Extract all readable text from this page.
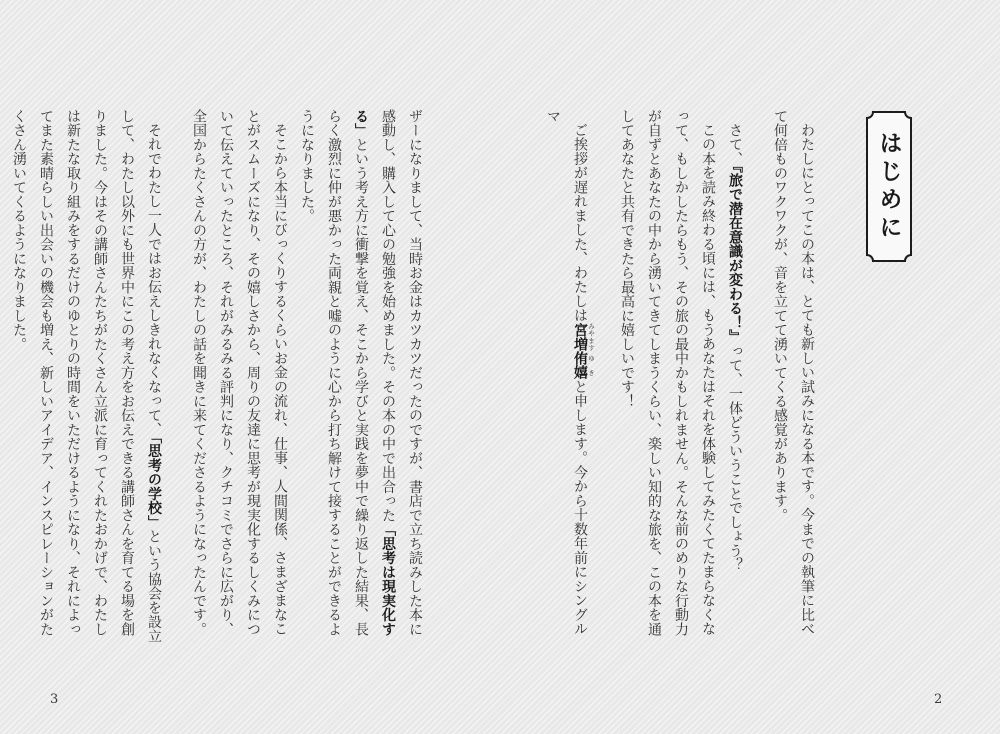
はじめに

わたしにとってこの本は、とても新しい試みになる本です。今までの執筆に比べて何倍ものワクワクが、音を立てて湧いてくる感覚があります。

さて、『旅で潜在意識が変わる！』って、一体どういうことでしょう？

この本を読み終わる頃には、もうあなたはそれを体験してみたくてたまらなくなって、もしかしたらもう、その旅の最中かもしれません。そんな前のめりな行動力が自ずとあなたの中から湧いてきてしまうくらい、楽しい知的な旅を、この本を通してあなたと共有できたら最高に嬉しいです！

ご挨拶が遅れました、わたしは宮増 みやます侑嬉 ゆきと申します。今から十数年前にシングルマ

2

ザーになりまして、当時お金はカツカツだったのですが、書店で立ち読みした本に感動し、購入して心の勉強を始めました。その本の中で出合った「思考は現実化する」という考え方に衝撃を覚え、そこから学びと実践を夢中で繰り返した結果、長らく激烈に仲が悪かった両親と嘘のように心から打ち解けて接することができるようになりました。

そこから本当にびっくりするくらいお金の流れ、仕事、人間関係、さまざまなことがスムーズになり、その嬉しさから、周りの友達に思考が現実化するしくみについて伝えていったところ、それがみるみる評判になり、クチコミでさらに広がり、全国からたくさんの方が、わたしの話を聞きに来てくださるようになったんです。

それでわたし一人ではお伝えしきれなくなって、「思考の学校」という協会を設立して、わたし以外にも世界中にこの考え方をお伝えできる講師さんを育てる場を創りました。今はその講師さんたちがたくさん立派に育ってくれたおかげで、わたしは新たな取り組みをするだけのゆとりの時間をいただけるようになり、それによってまた素晴らしい出会いの機会も増え、新しいアイデア、インスピレーションがたくさん湧いてくるようになりました。

3
